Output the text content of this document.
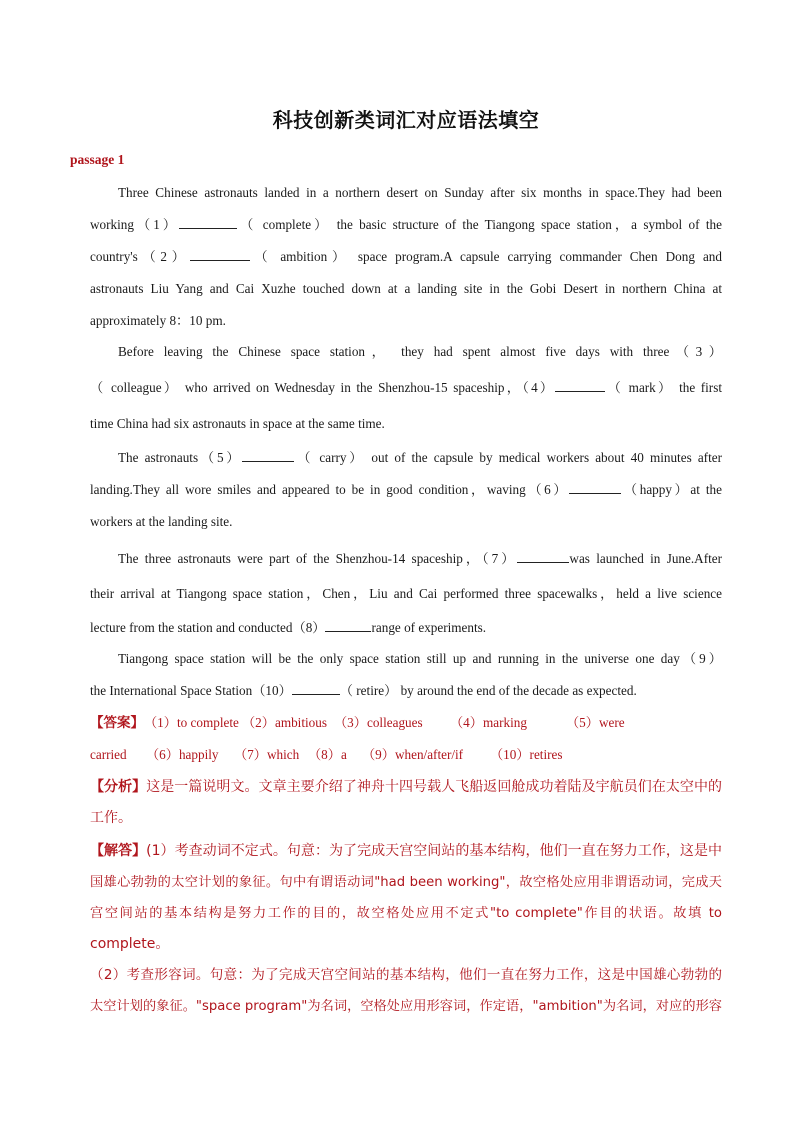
科技创新类词汇对应语法填空
passage 1
Three Chinese astronauts landed in a northern desert on Sunday after six months in space.They had been
working（1）	（ complete） the basic structure of the Tiangong space station，a symbol of the
country's（2）	（ ambition） space program.A capsule carrying commander Chen Dong and
astronauts Liu Yang and Cai Xuzhe touched down at a landing site in the Gobi Desert in northern China at
approximately 8：10 pm.
Before leaving the Chinese space station， they had spent almost five days with three（3）
（ colleague） who arrived on Wednesday in the Shenzhou-15 spaceship，（4）	（ mark） the first
time China had six astronauts in space at the same time.
The astronauts（5）	（ carry） out of the capsule by medical workers about 40 minutes after
landing.They all wore smiles and appeared to be in good condition，waving（6）	（happy）at the
workers at the landing site.
The three astronauts were part of the Shenzhou-14 spaceship，（7）	was launched in June.After
their arrival at Tiangong space station，Chen，Liu and Cai performed three spacewalks，held a live science
lecture from the station and conducted（8）	range of experiments.
Tiangong space station will be the only space station still up and running in the universe one day（9）
the International Space Station（10）	（ retire） by around the end of the decade as expected.
【答案】（1）to complete （2）ambitious （3）colleagues （4）marking	（5）were
carried （6）happily （7）which （8）a （9）when/after/if （10）retires
【分析】这是一篇说明文。文章主要介绍了神舟十四号载人飞船返回舱成功着陆及宇航员们在太空中的
工作。
【解答】(1）考查动词不定式。句意：为了完成天宫空间站的基本结构，他们一直在努力工作，这是中
国雄心勃勃的太空计划的象征。句中有谓语动词"had been working"，故空格处应用非谓语动词，完成天
宫空间站的基本结构是努力工作的目的，故空格处应用不定式"to complete"作目的状语。故填 to
complete。
（2）考查形容词。句意：为了完成天宫空间站的基本结构，他们一直在努力工作，这是中国雄心勃勃的
太空计划的象征。"space program"为名词，空格处应用形容词，作定语，"ambition"为名词，对应的形容
